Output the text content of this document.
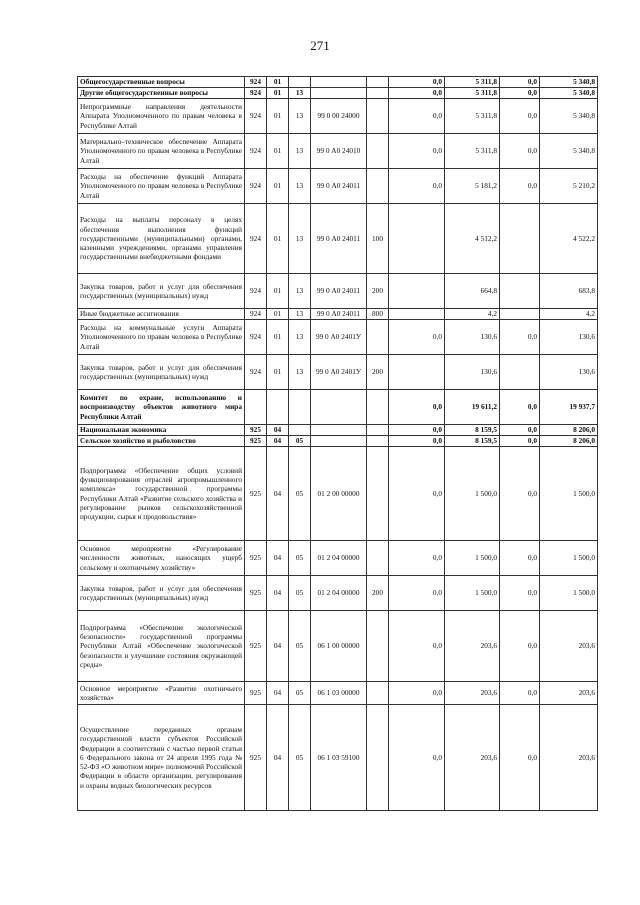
271
Общегосударственные вопросы	924	01				0,0	5 311,8	0,0	5 340,8
Другие общегосударственные вопросы	924	01	13			0,0	5 311,8	0,0	5 340,8
Непрограммные направления деятельности Аппарата Уполномоченного по правам человека в Республике Алтай	924	01	13	99 0 00 24000		0,0	5 311,8	0,0	5 340,8
Материально–техническое обеспечение Аппарата Уполномоченного по правам человека в Республике Алтай	924	01	13	99 0 А0 24010		0,0	5 311,8	0,0	5 340,8
Расходы на обеспечение функций Аппарата Уполномоченного по правам человека в Республике Алтай	924	01	13	99 0 А0 24011		0,0	5 181,2	0,0	5 210,2
Расходы на выплаты персоналу в целях обеспечения выполнения функций государственными (муниципальными) органами, казенными учреждениями, органами управления государственными внебюджетными фондами	924	01	13	99 0 А0 24011	100		4 512,2		4 522,2
Закупка товаров, работ и услуг для обеспечения государственных (муниципальных) нужд	924	01	13	99 0 А0 24011	200		664,8		683,8
Иные бюджетные ассигнования	924	01	13	99 0 А0 24011	800		4,2		4,2
Расходы на коммунальные услуги Аппарата Уполномоченного по правам человека в Республике Алтай	924	01	13	99 0 А0 2401У		0,0	130,6	0,0	130,6
Закупка товаров, работ и услуг для обеспечения государственных (муниципальных) нужд	924	01	13	99 0 А0 2401У	200		130,6		130,6
Комитет по охране, использованию и воспроизводству объектов животного мира Республики Алтай						0,0	19 611,2	0,0	19 937,7
Национальная экономика	925	04				0,0	8 159,5	0,0	8 206,0
Сельское хозяйство и рыболовство	925	04	05			0,0	8 159,5	0,0	8 206,0
Подпрограмма «Обеспечение общих условий функционирования отраслей агропромышленного комплекса» государственной программы Республики Алтай «Развитие сельского хозяйства и регулирование рынков сельскохозяйственной продукции, сырья и продовольствия»	925	04	05	01 2 00 00000		0,0	1 500,0	0,0	1 500,0
Основное мероприятие «Регулирование численности животных, наносящих ущерб сельскому и охотничьему хозяйству»	925	04	05	01 2 04 00000		0,0	1 500,0	0,0	1 500,0
Закупка товаров, работ и услуг для обеспечения государственных (муниципальных) нужд	925	04	05	01 2 04 00000	200	0,0	1 500,0	0,0	1 500,0
Подпрограмма «Обеспечение экологической безопасности» государственной программы Республики Алтай «Обеспечение экологической безопасности и улучшение состояния окружающей среды»	925	04	05	06 1 00 00000		0,0	203,6	0,0	203,6
Основное мероприятие «Развитие охотничьего хозяйства»	925	04	05	06 1 03 00000		0,0	203,6	0,0	203,6
Осуществление переданных органам государственной власти субъектов Российской Федерации в соответствии с частью первой статьи 6 Федерального закона от 24 апреля 1995 года № 52-ФЗ «О животном мире» полномочий Российской Федерации в области организации, регулирования и охраны водных биологических ресурсов	925	04	05	06 1 03 59100		0,0	203,6	0,0	203,6
